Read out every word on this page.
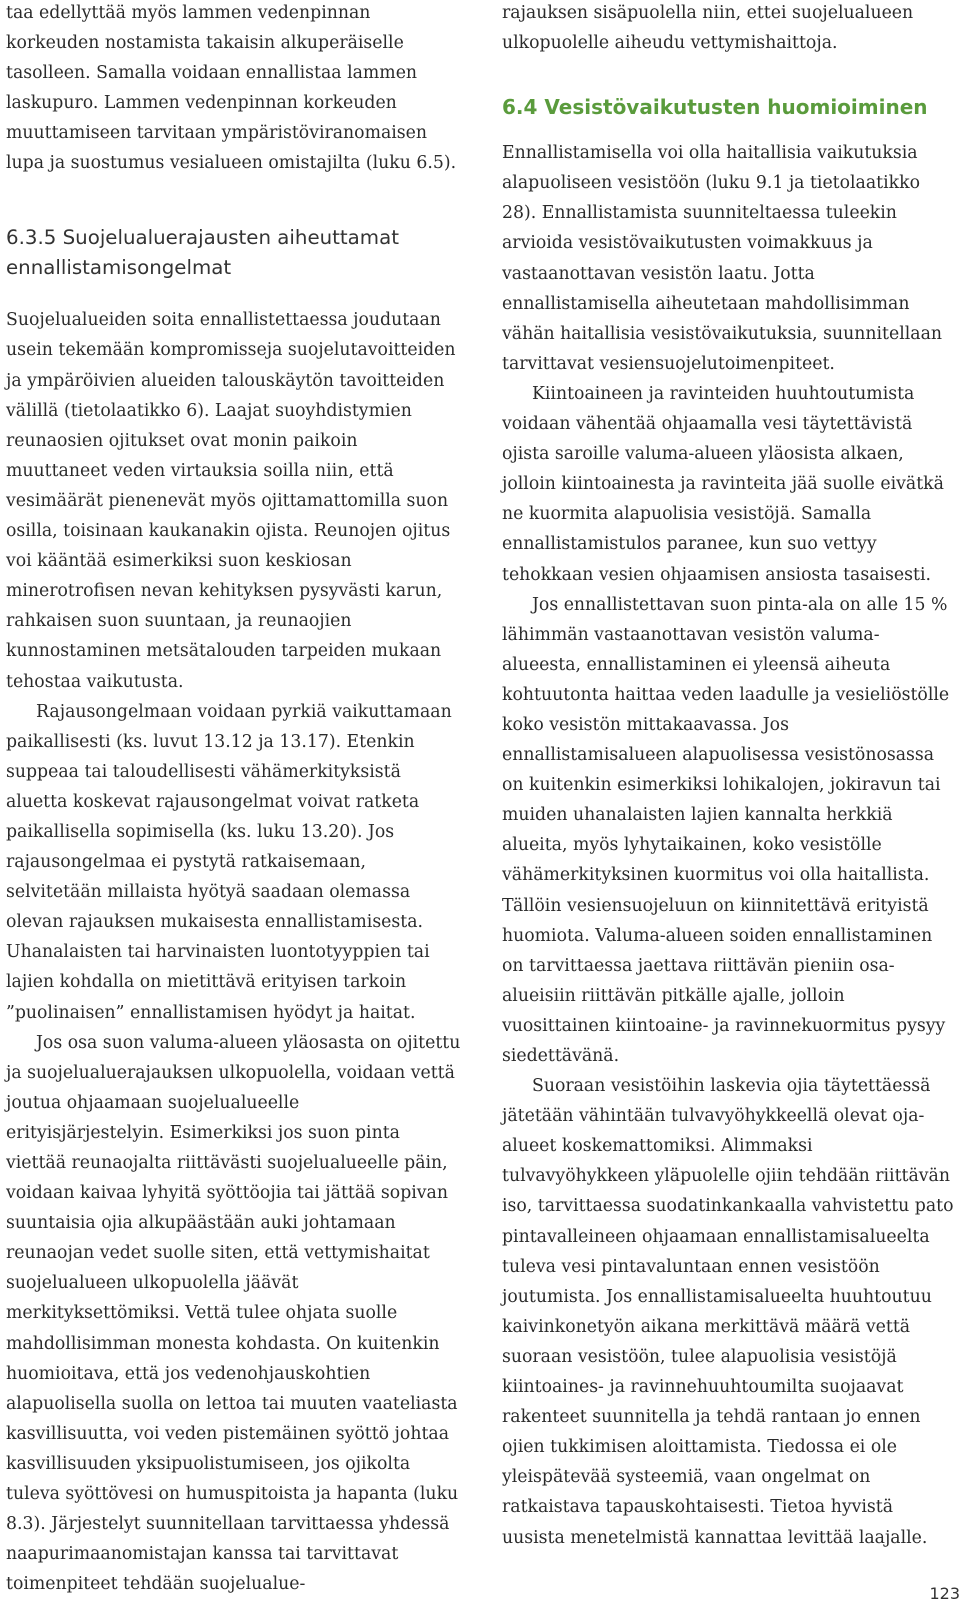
taa edellyttää myös lammen vedenpinnan korkeuden nostamista takaisin alkuperäiselle tasolleen. Samalla voidaan ennallistaa lammen laskupuro. Lammen vedenpinnan korkeuden muuttamiseen tarvitaan ympäristöviranomaisen lupa ja suostumus vesialueen omistajilta (luku 6.5).

6.3.5 Suojelualuerajausten aiheuttamat ennallistamisongelmat

Suojelualueiden soita ennallistettaessa joudutaan usein tekemään kompromisseja suojelutavoitteiden ja ympäröivien alueiden talouskäytön tavoitteiden välillä (tietolaatikko 6). Laajat suoyhdistymien reunaosien ojitukset ovat monin paikoin muuttaneet veden virtauksia soilla niin, että vesimäärät pienenevät myös ojittamattomilla suon osilla, toisinaan kaukanakin ojista. Reunojen ojitus voi kääntää esimerkiksi suon keskiosan minerotrofisen nevan kehityksen pysyvästi karun, rahkaisen suon suuntaan, ja reunaojien kunnostaminen metsätalouden tarpeiden mukaan tehostaa vaikutusta.

Rajausongelmaan voidaan pyrkiä vaikuttamaan paikallisesti (ks. luvut 13.12 ja 13.17). Etenkin suppeaa tai taloudellisesti vähämerkityksistä aluetta koskevat rajausongelmat voivat ratketa paikallisella sopimisella (ks. luku 13.20). Jos rajausongelmaa ei pystytä ratkaisemaan, selvitetään millaista hyötyä saadaan olemassa olevan rajauksen mukaisesta ennallistamisesta. Uhanalaisten tai harvinaisten luontotyyppien tai lajien kohdalla on mietittävä erityisen tarkoin ”puolinaisen” ennallistamisen hyödyt ja haitat.

Jos osa suon valuma-alueen yläosasta on ojitettu ja suojelualuerajauksen ulkopuolella, voidaan vettä joutua ohjaamaan suojelualueelle erityisjärjestelyin. Esimerkiksi jos suon pinta viettää reunaojalta riittävästi suojelualueelle päin, voidaan kaivaa lyhyitä syöttöojia tai jättää sopivan suuntaisia ojia alkupäästään auki johtamaan reunaojan vedet suolle siten, että vettymishaitat suojelualueen ulkopuolella jäävät merkityksettömiksi. Vettä tulee ohjata suolle mahdollisimman monesta kohdasta. On kuitenkin huomioitava, että jos vedenohjauskohtien alapuolisella suolla on lettoa tai muuten vaateliasta kasvillisuutta, voi veden pistemäinen syöttö johtaa kasvillisuuden yksipuolistumiseen, jos ojikolta tuleva syöttövesi on humuspitoista ja hapanta (luku 8.3). Järjestelyt suunnitellaan tarvittaessa yhdessä naapurimaanomistajan kanssa tai tarvittavat toimenpiteet tehdään suojelualue-

rajauksen sisäpuolella niin, ettei suojelualueen ulkopuolelle aiheudu vettymishaittoja.

6.4 Vesistövaikutusten huomioiminen

Ennallistamisella voi olla haitallisia vaikutuksia alapuoliseen vesistöön (luku 9.1 ja tietolaatikko 28). Ennallistamista suunniteltaessa tuleekin arvioida vesistövaikutusten voimakkuus ja vastaanottavan vesistön laatu. Jotta ennallistamisella aiheutetaan mahdollisimman vähän haitallisia vesistövaikutuksia, suunnitellaan tarvittavat vesiensuojelutoimenpiteet.

Kiintoaineen ja ravinteiden huuhtoutumista voidaan vähentää ohjaamalla vesi täytettävistä ojista saroille valuma-alueen yläosista alkaen, jolloin kiintoainesta ja ravinteita jää suolle eivätkä ne kuormita alapuolisia vesistöjä. Samalla ennallistamistulos paranee, kun suo vettyy tehokkaan vesien ohjaamisen ansiosta tasaisesti.

Jos ennallistettavan suon pinta-ala on alle 15 % lähimmän vastaanottavan vesistön valuma-alueesta, ennallistaminen ei yleensä aiheuta kohtuutonta haittaa veden laadulle ja vesieliöstölle koko vesistön mittakaavassa. Jos ennallistamisalueen alapuolisessa vesistönosassa on kuitenkin esimerkiksi lohikalojen, jokiravun tai muiden uhanalaisten lajien kannalta herkkiä alueita, myös lyhytaikainen, koko vesistölle vähämerkityksinen kuormitus voi olla haitallista. Tällöin vesiensuojeluun on kiinnitettävä erityistä huomiota. Valuma-alueen soiden ennallistaminen on tarvittaessa jaettava riittävän pieniin osa-alueisiin riittävän pitkälle ajalle, jolloin vuosittainen kiintoaine- ja ravinnekuormitus pysyy siedettävänä.

Suoraan vesistöihin laskevia ojia täytettäessä jätetään vähintään tulvavyöhykkeellä olevat oja-alueet koskemattomiksi. Alimmaksi tulvavyöhykkeen yläpuolelle ojiin tehdään riittävän iso, tarvittaessa suodatinkankaalla vahvistettu pato pintavalleineen ohjaamaan ennallistamisalueelta tuleva vesi pintavaluntaan ennen vesistöön joutumista. Jos ennallistamisalueelta huuhtoutuu kaivinkonetyön aikana merkittävä määrä vettä suoraan vesistöön, tulee alapuolisia vesistöjä kiintoaines- ja ravinnehuuhtoumilta suojaavat rakenteet suunnitella ja tehdä rantaan jo ennen ojien tukkimisen aloittamista. Tiedossa ei ole yleispätevää systeemiä, vaan ongelmat on ratkaistava tapauskohtaisesti. Tietoa hyvistä uusista menetelmistä kannattaa levittää laajalle.

123
